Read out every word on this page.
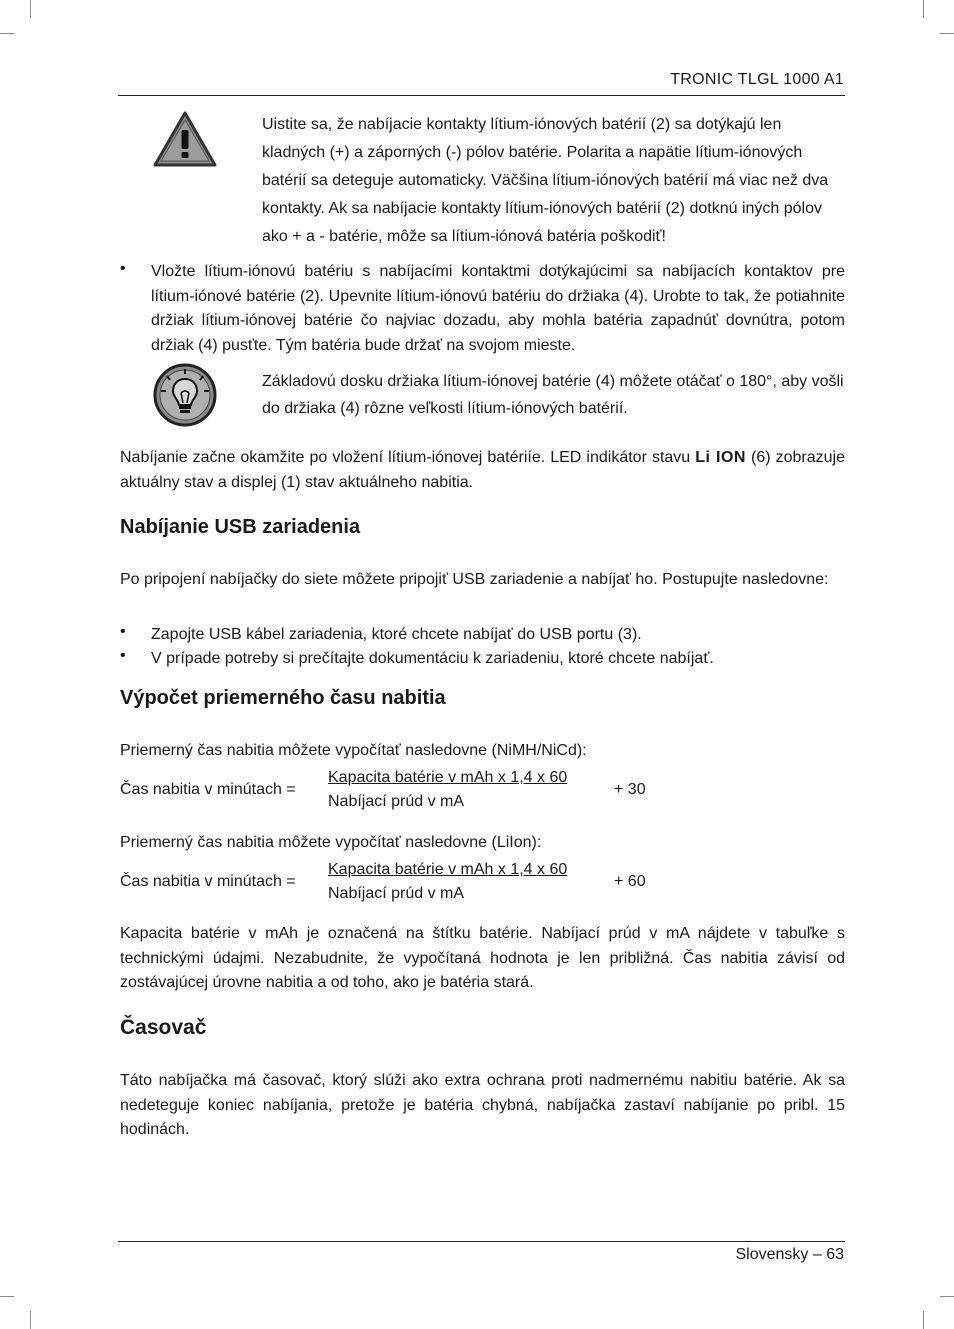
TRONIC TLGL 1000 A1
Uistite sa, že nabíjacie kontakty lítium-iónových batérií (2) sa dotýkajú len kladných (+) a záporných (-) pólov batérie. Polarita a napätie lítium-iónových batérií sa deteguje automaticky. Väčšina lítium-iónových batérií má viac než dva kontakty. Ak sa nabíjacie kontakty lítium-iónových batérií (2) dotknú iných pólov ako + a - batérie, môže sa lítium-iónová batéria poškodiť!
•	Vložte lítium-iónovú batériu s nabíjacími kontaktmi dotýkajúcimi sa nabíjacích kontaktov pre lítium-iónové batérie (2). Upevnite lítium-iónovú batériu do držiaka (4). Urobte to tak, že potiahnite držiak lítium-iónovej batérie čo najviac dozadu, aby mohla batéria zapadnúť dovnútra, potom držiak (4) pusťte. Tým batéria bude držať na svojom mieste.
Základovú dosku držiaka lítium-iónovej batérie (4) môžete otáčať o 180°, aby vošli do držiaka (4) rôzne veľkosti lítium-iónových batérií.
Nabíjanie začne okamžite po vložení lítium-iónovej batériíe. LED indikátor stavu Li ION (6) zobrazuje aktuálny stav a displej (1) stav aktuálneho nabitia.
Nabíjanie USB zariadenia
Po pripojení nabíjačky do siete môžete pripojiť USB zariadenie a nabíjať ho. Postupujte nasledovne:
•	Zapojte USB kábel zariadenia, ktoré chcete nabíjať do USB portu (3).
•	V prípade potreby si prečítajte dokumentáciu k zariadeniu, ktoré chcete nabíjať.
Výpočet priemerného času nabitia
Priemerný čas nabitia môžete vypočítať nasledovne (NiMH/NiCd):
Čas nabitia v minútach =
Kapacita batérie v mAh x 1,4 x 60
Nabíjací prúd v mA
+ 30
Priemerný čas nabitia môžete vypočítať nasledovne (LiIon):
Čas nabitia v minútach =
Kapacita batérie v mAh x 1,4 x 60
Nabíjací prúd v mA
+ 60
Kapacita batérie v mAh je označená na štítku batérie. Nabíjací prúd v mA nájdete v tabuľke s technickými údajmi. Nezabudnite, že vypočítaná hodnota je len približná. Čas nabitia závisí od zostávajúcej úrovne nabitia a od toho, ako je batéria stará.
Časovač
Táto nabíjačka má časovač, ktorý slúži ako extra ochrana proti nadmernému nabitiu batérie. Ak sa nedeteguje koniec nabíjania, pretože je batéria chybná, nabíjačka zastaví nabíjanie po pribl. 15 hodinách.
Slovensky – 63
